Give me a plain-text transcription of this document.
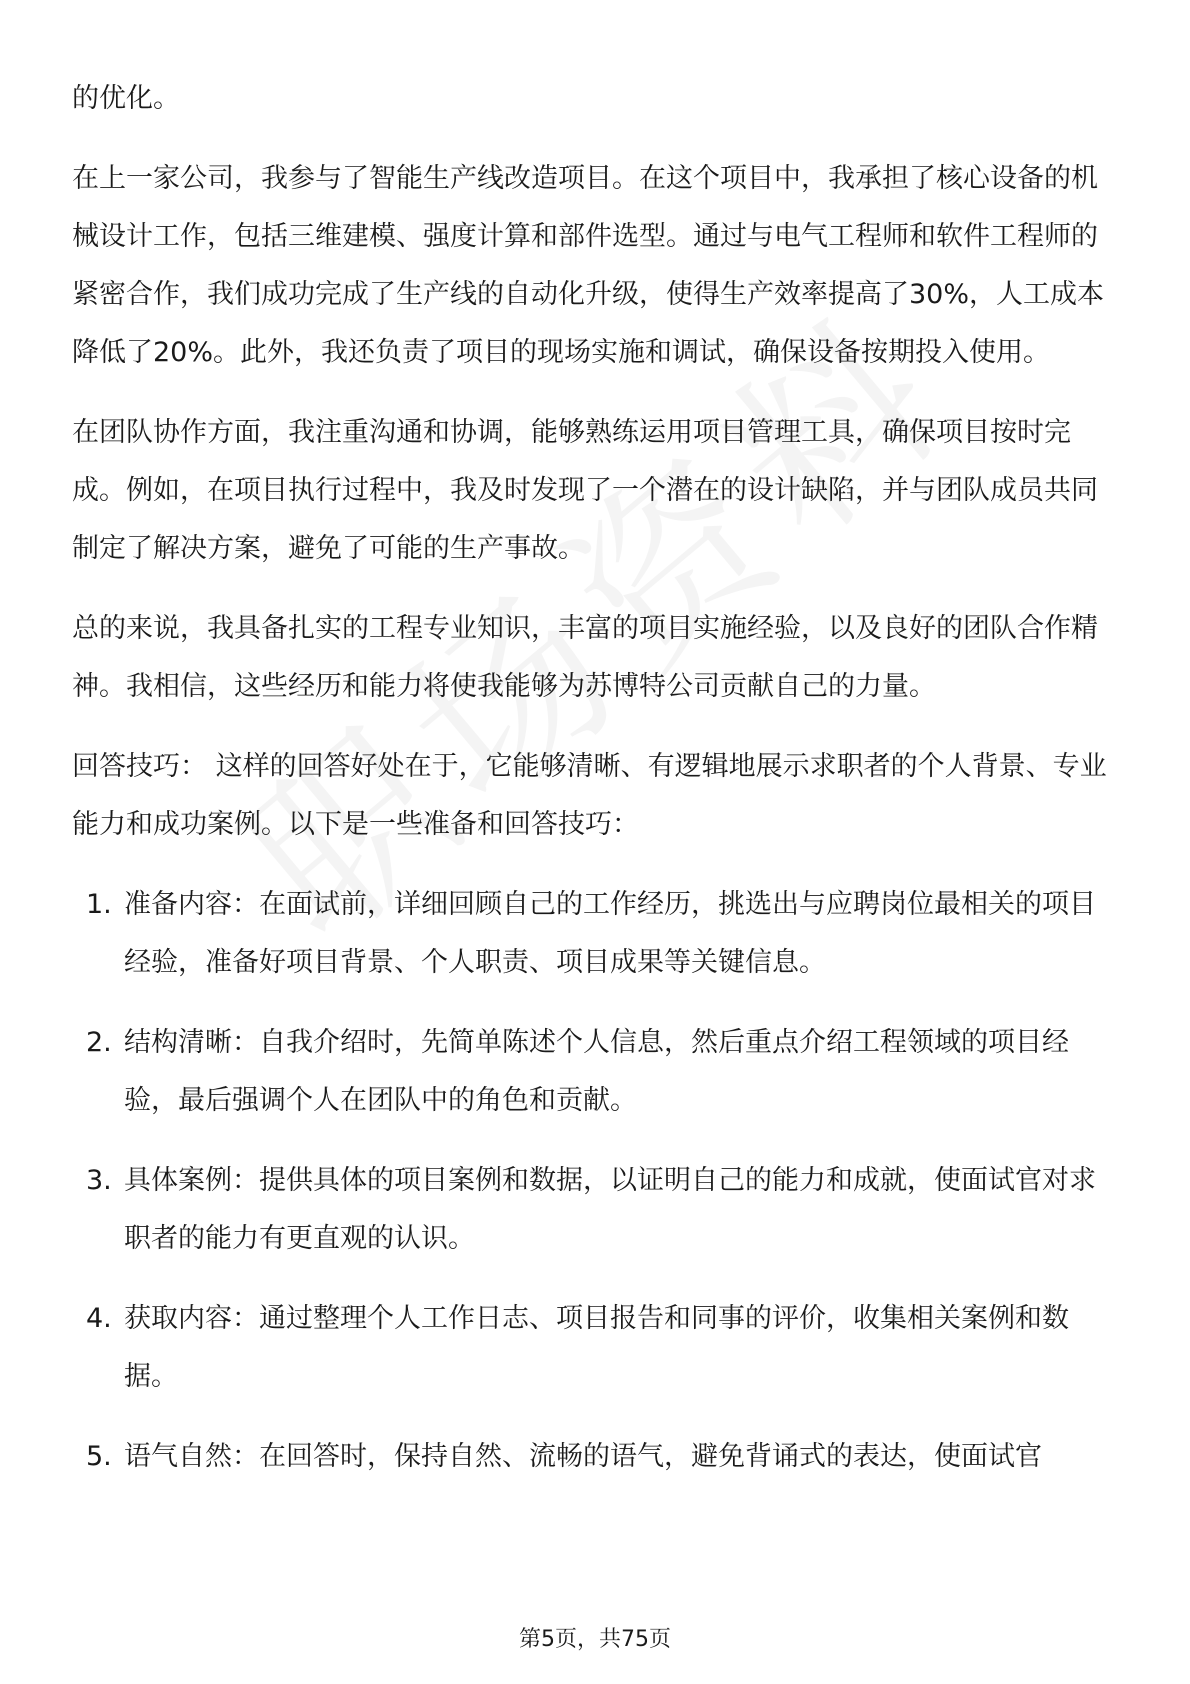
的优化。

在上一家公司，我参与了智能生产线改造项目。在这个项目中，我承担了核心设备的机械设计工作，包括三维建模、强度计算和部件选型。通过与电气工程师和软件工程师的紧密合作，我们成功完成了生产线的自动化升级，使得生产效率提高了30%，人工成本降低了20%。此外，我还负责了项目的现场实施和调试，确保设备按期投入使用。

在团队协作方面，我注重沟通和协调，能够熟练运用项目管理工具，确保项目按时完成。例如，在项目执行过程中，我及时发现了一个潜在的设计缺陷，并与团队成员共同制定了解决方案，避免了可能的生产事故。

总的来说，我具备扎实的工程专业知识，丰富的项目实施经验，以及良好的团队合作精神。我相信，这些经历和能力将使我能够为苏博特公司贡献自己的力量。

回答技巧： 这样的回答好处在于，它能够清晰、有逻辑地展示求职者的个人背景、专业能力和成功案例。以下是一些准备和回答技巧：

1. 准备内容：在面试前，详细回顾自己的工作经历，挑选出与应聘岗位最相关的项目经验，准备好项目背景、个人职责、项目成果等关键信息。
2. 结构清晰：自我介绍时，先简单陈述个人信息，然后重点介绍工程领域的项目经验，最后强调个人在团队中的角色和贡献。
3. 具体案例：提供具体的项目案例和数据，以证明自己的能力和成就，使面试官对求职者的能力有更直观的认识。
4. 获取内容：通过整理个人工作日志、项目报告和同事的评价，收集相关案例和数据。
5. 语气自然：在回答时，保持自然、流畅的语气，避免背诵式的表达，使面试官
第5页，共75页
